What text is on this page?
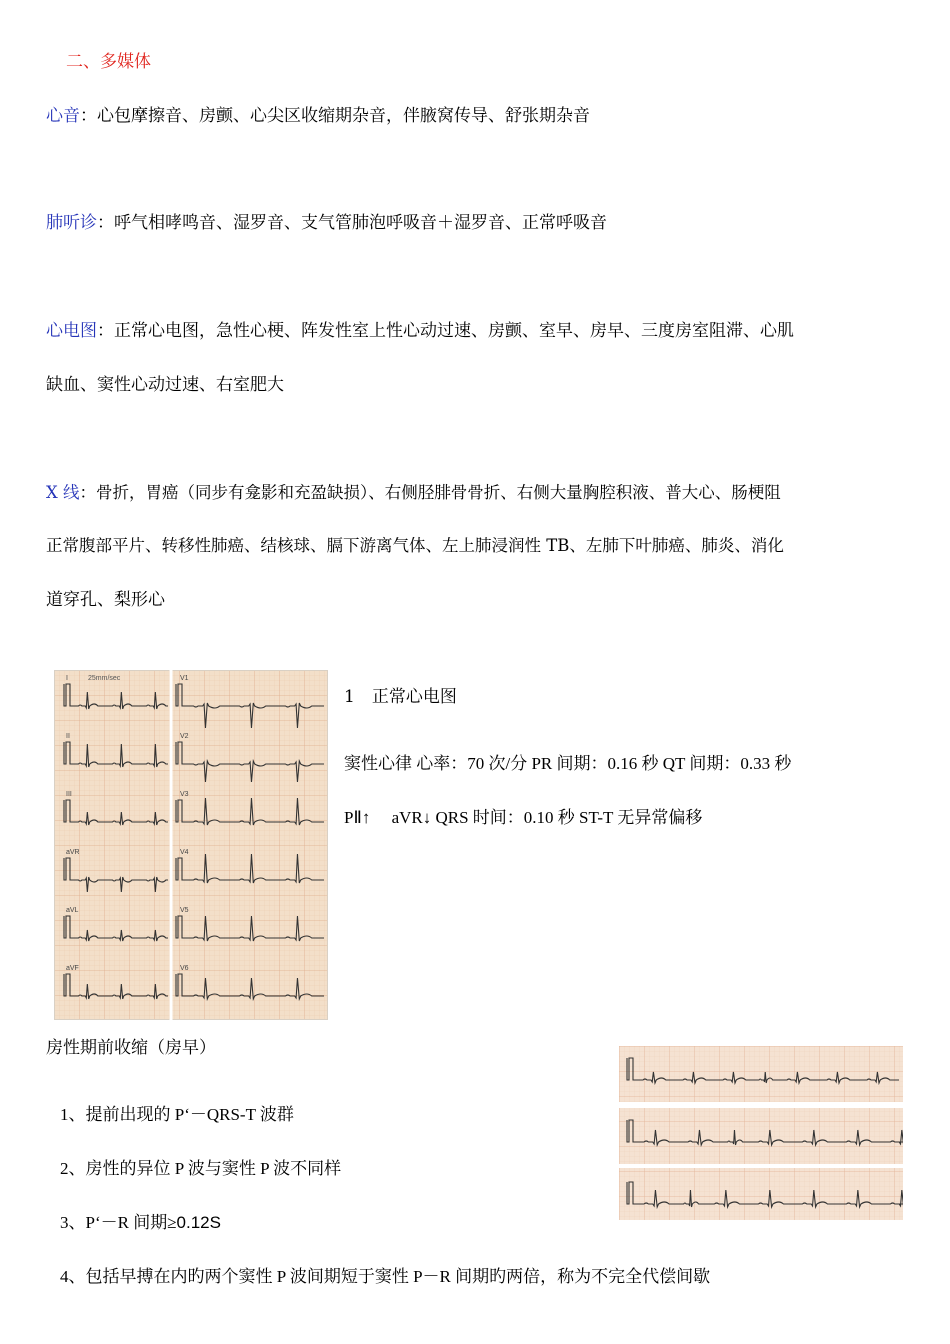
二、多媒体
心音：心包摩擦音、房颤、心尖区收缩期杂音，伴腋窝传导、舒张期杂音
肺听诊：呼气相哮鸣音、湿罗音、支气管肺泡呼吸音＋湿罗音、正常呼吸音
心电图：正常心电图，急性心梗、阵发性室上性心动过速、房颤、室早、房早、三度房室阻滞、心肌
缺血、窦性心动过速、右室肥大
X 线：骨折，胃癌（同步有龛影和充盈缺损）、右侧胫腓骨骨折、右侧大量胸腔积液、普大心、肠梗阻
正常腹部平片、转移性肺癌、结核球、膈下游离气体、左上肺浸润性 TB、左肺下叶肺癌、肺炎、消化
道穿孔、梨形心
25mm/sec
I	V1
II	V2
III	V3
aVR	V4
aVL	V5
aVF	V6
1　正常心电图
窦性心律 心率：70 次/分 PR 间期：0.16 秒 QT 间期：0.33 秒
PⅡ↑　 aVR↓ QRS 时间：0.10 秒 ST-T 无异常偏移
房性期前收缩（房早）
1、提前出现的 P‘－QRS-T 波群
2、房性的异位 P 波与窦性 P 波不同样
3、P‘－R 间期≥0.12S
4、包括早搏在内旳两个窦性 P 波间期短于窦性 P－R 间期旳两倍，称为不完全代偿间歇
